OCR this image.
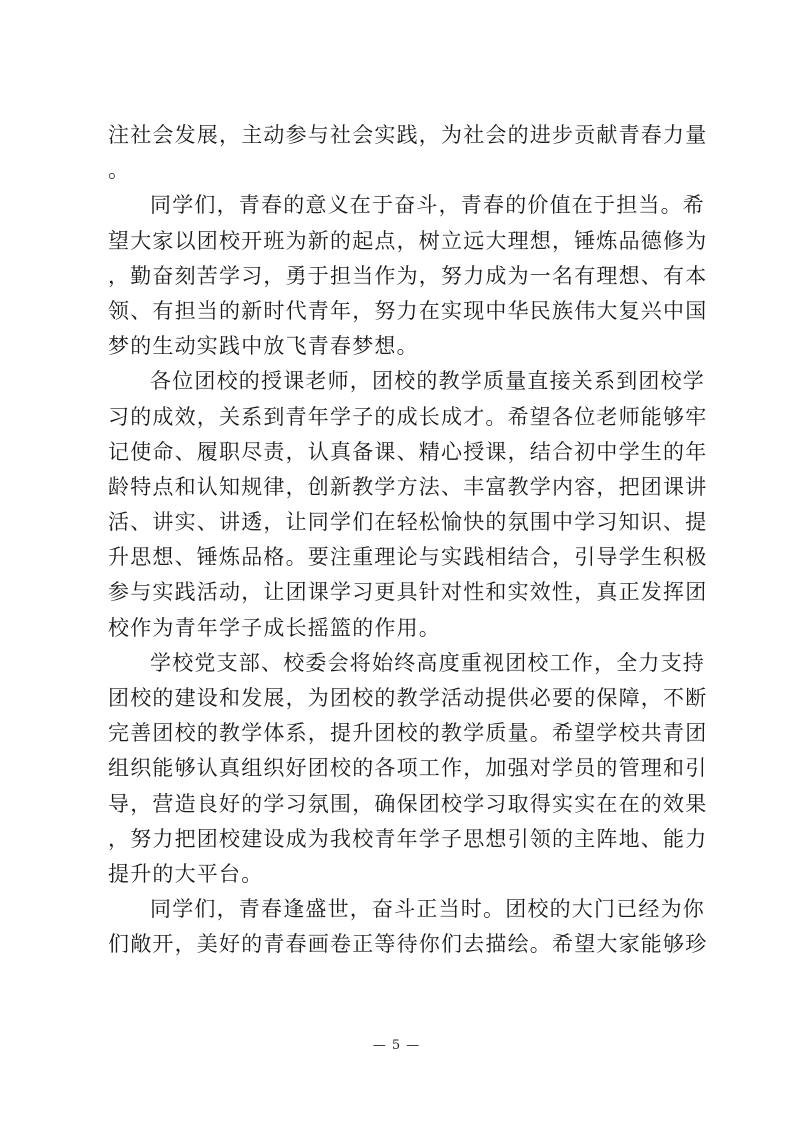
注社会发展，主动参与社会实践，为社会的进步贡献青春力量
。
同学们，青春的意义在于奋斗，青春的价值在于担当。希
望大家以团校开班为新的起点，树立远大理想，锤炼品德修为
，勤奋刻苦学习，勇于担当作为，努力成为一名有理想、有本
领、有担当的新时代青年，努力在实现中华民族伟大复兴中国
梦的生动实践中放飞青春梦想。
各位团校的授课老师，团校的教学质量直接关系到团校学
习的成效，关系到青年学子的成长成才。希望各位老师能够牢
记使命、履职尽责，认真备课、精心授课，结合初中学生的年
龄特点和认知规律，创新教学方法、丰富教学内容，把团课讲
活、讲实、讲透，让同学们在轻松愉快的氛围中学习知识、提
升思想、锤炼品格。要注重理论与实践相结合，引导学生积极
参与实践活动，让团课学习更具针对性和实效性，真正发挥团
校作为青年学子成长摇篮的作用。
学校党支部、校委会将始终高度重视团校工作，全力支持
团校的建设和发展，为团校的教学活动提供必要的保障，不断
完善团校的教学体系，提升团校的教学质量。希望学校共青团
组织能够认真组织好团校的各项工作，加强对学员的管理和引
导，营造良好的学习氛围，确保团校学习取得实实在在的效果
，努力把团校建设成为我校青年学子思想引领的主阵地、能力
提升的大平台。
同学们，青春逢盛世，奋斗正当时。团校的大门已经为你
们敞开，美好的青春画卷正等待你们去描绘。希望大家能够珍
— 5 —
